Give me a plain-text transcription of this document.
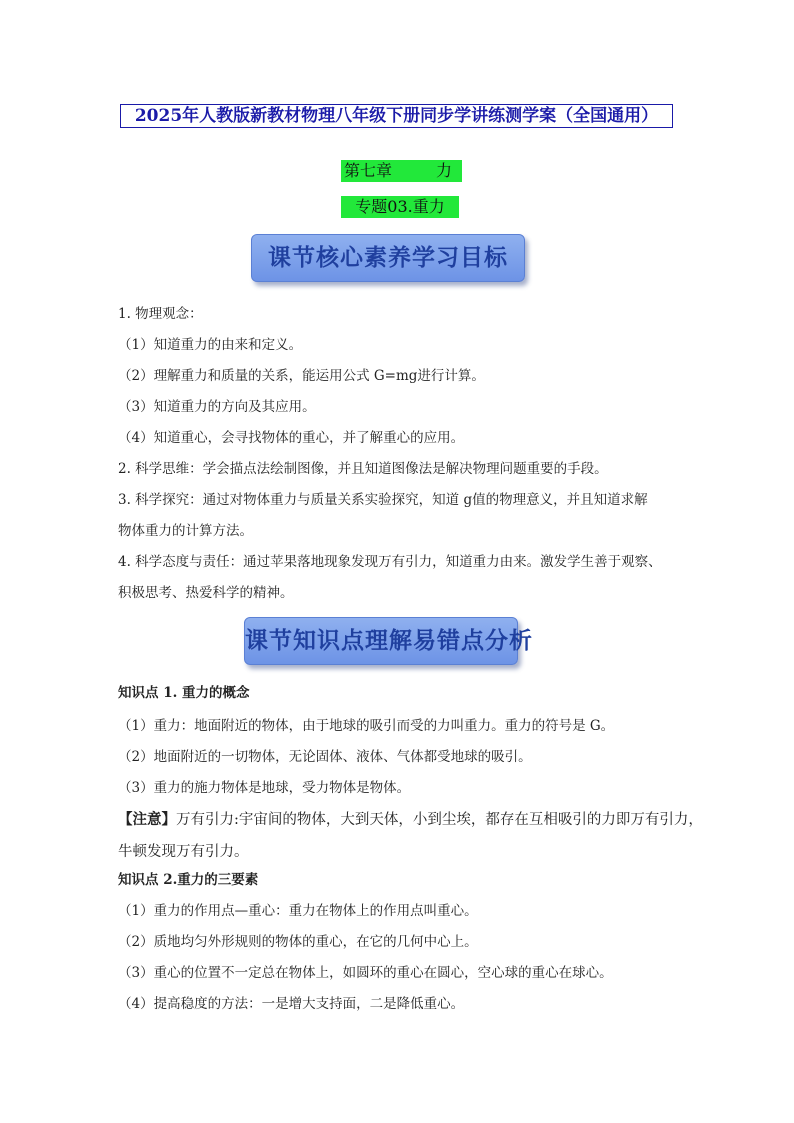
2025年人教版新教材物理八年级下册同步学讲练测学案（全国通用）
第七章	力
专题03.重力
课节核心素养学习目标
1. 物理观念：
（1）知道重力的由来和定义。
（2）理解重力和质量的关系，能运用公式 G=mg进行计算。
（3）知道重力的方向及其应用。
（4）知道重心，会寻找物体的重心，并了解重心的应用。
2. 科学思维：学会描点法绘制图像，并且知道图像法是解决物理问题重要的手段。
3. 科学探究：通过对物体重力与质量关系实验探究，知道 g值的物理意义，并且知道求解
物体重力的计算方法。
4. 科学态度与责任：通过苹果落地现象发现万有引力，知道重力由来。激发学生善于观察、
积极思考、热爱科学的精神。
课节知识点理解易错点分析
知识点 1. 重力的概念
（1）重力：地面附近的物体，由于地球的吸引而受的力叫重力。重力的符号是 G。
（2）地面附近的一切物体，无论固体、液体、气体都受地球的吸引。
（3）重力的施力物体是地球，受力物体是物体。
【注意】万有引力:宇宙间的物体，大到天体，小到尘埃，都存在互相吸引的力即万有引力，
牛顿发现万有引力。
知识点 2.重力的三要素
（1）重力的作用点—重心：重力在物体上的作用点叫重心。
（2）质地均匀外形规则的物体的重心，在它的几何中心上。
（3）重心的位置不一定总在物体上，如圆环的重心在圆心，空心球的重心在球心。
（4）提高稳度的方法：一是增大支持面，二是降低重心。
